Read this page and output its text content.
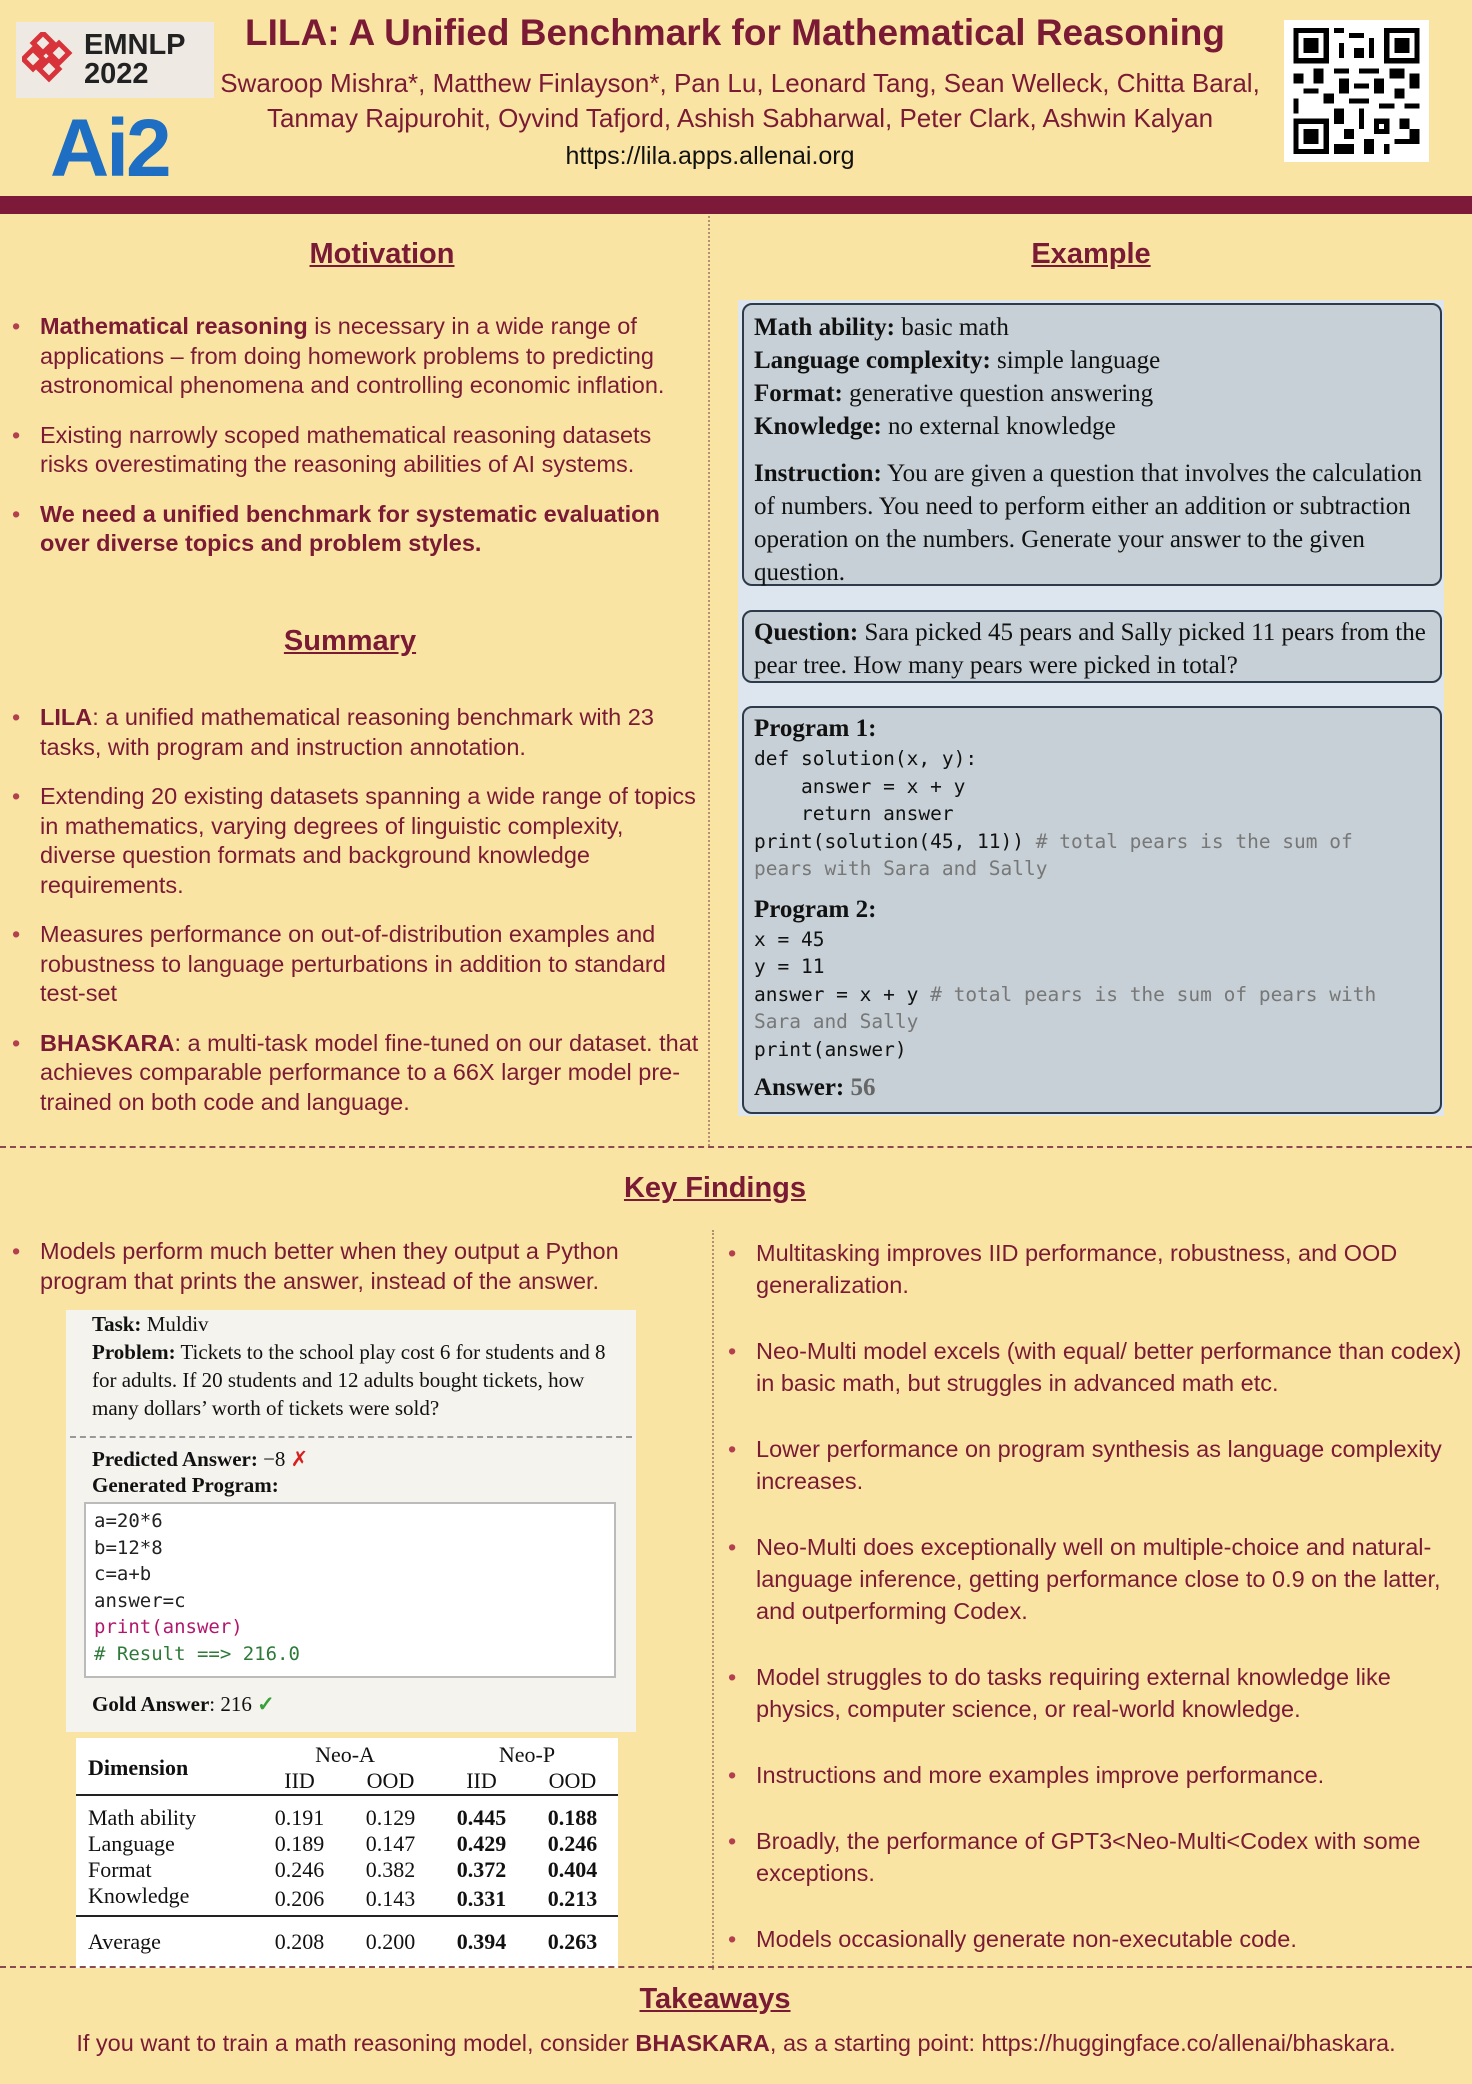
EMNLP
2022
Ai2
LILA: A Unified Benchmark for Mathematical Reasoning
Swaroop Mishra*, Matthew Finlayson*, Pan Lu, Leonard Tang, Sean Welleck, Chitta Baral,
Tanmay Rajpurohit, Oyvind Tafjord, Ashish Sabharwal, Peter Clark, Ashwin Kalyan
https://lila.apps.allenai.org
Motivation
• Mathematical reasoning is necessary in a wide range of applications – from doing homework problems to predicting astronomical phenomena and controlling economic inflation.
• Existing narrowly scoped mathematical reasoning datasets risks overestimating the reasoning abilities of AI systems.
• We need a unified benchmark for systematic evaluation over diverse topics and problem styles.
Summary
• LILA: a unified mathematical reasoning benchmark with 23 tasks, with program and instruction annotation.
• Extending 20 existing datasets spanning a wide range of topics in mathematics, varying degrees of linguistic complexity, diverse question formats and background knowledge requirements.
• Measures performance on out-of-distribution examples and robustness to language perturbations in addition to standard test-set
• BHASKARA: a multi-task model fine-tuned on our dataset. that achieves comparable performance to a 66X larger model pre-trained on both code and language.
Example
Math ability: basic math
Language complexity: simple language
Format: generative question answering
Knowledge: no external knowledge
Instruction: You are given a question that involves the calculation of numbers. You need to perform either an addition or subtraction operation on the numbers. Generate your answer to the given question.
Question: Sara picked 45 pears and Sally picked 11 pears from the pear tree. How many pears were picked in total?
Program 1:
def solution(x, y):
answer = x + y
return answer
print(solution(45, 11)) # total pears is the sum of
pears with Sara and Sally
Program 2:
x = 45
y = 11
answer = x + y # total pears is the sum of pears with
Sara and Sally
print(answer)
Answer: 56
Key Findings
• Models perform much better when they output a Python program that prints the answer, instead of the answer.
Task: Muldiv
Problem: Tickets to the school play cost 6 for students and 8 for adults. If 20 students and 12 adults bought tickets, how many dollars’ worth of tickets were sold?
Predicted Answer: −8 ✗
Generated Program:
a=20*6
b=12*8
c=a+b
answer=c
print(answer)
# Result ==> 216.0
Gold Answer: 216 ✓
Dimension	Neo-A		Neo-P	
	IID	OOD	IID	OOD

Math ability	0.191	0.129	0.445	0.188
Language	0.189	0.147	0.429	0.246
Format	0.246	0.382	0.372	0.404
Knowledge	0.206	0.143	0.331	0.213
Average	0.208	0.200	0.394	0.263
• Multitasking improves IID performance, robustness, and OOD generalization.
• Neo-Multi model excels (with equal/ better performance than codex) in basic math, but struggles in advanced math etc.
• Lower performance on program synthesis as language complexity increases.
• Neo-Multi does exceptionally well on multiple-choice and natural-language inference, getting performance close to 0.9 on the latter, and outperforming Codex.
• Model struggles to do tasks requiring external knowledge like physics, computer science, or real-world knowledge.
• Instructions and more examples improve performance.
• Broadly, the performance of GPT3<Neo-Multi<Codex with some exceptions.
• Models occasionally generate non-executable code.
Takeaways
If you want to train a math reasoning model, consider BHASKARA, as a starting point: https://huggingface.co/allenai/bhaskara.
